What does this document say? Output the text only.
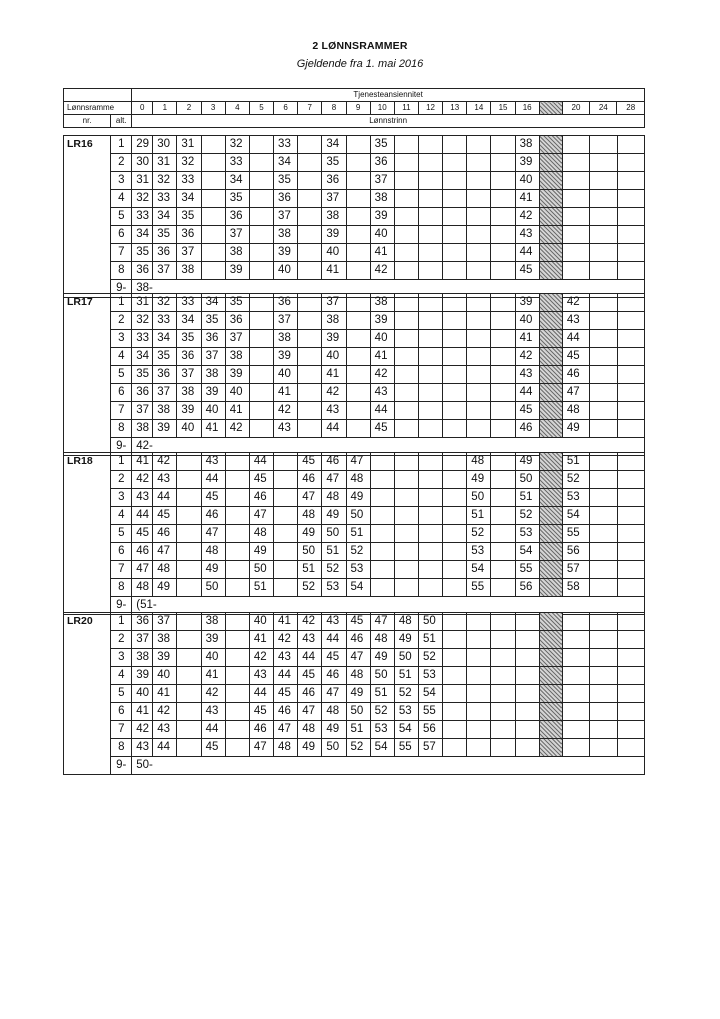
2 LØNNSRAMMER
Gjeldende fra 1. mai 2016
		Tjenesteansiennitet																				
Lønnsramme		0	1	2	3	4	5	6	7	8	9	10	11	12	13	14	15	16		20	24	28
nr.	alt.	Lønnstrinn																				
LR16	1	29	30	31		32		33		34		35						38				
	2	30	31	32		33		34		35		36						39				
	3	31	32	33		34		35		36		37						40				
	4	32	33	34		35		36		37		38						41				
	5	33	34	35		36		37		38		39						42				
	6	34	35	36		37		38		39		40						43				
	7	35	36	37		38		39		40		41						44				
	8	36	37	38		39		40		41		42						45				
	9-	38-																				
LR17	1	31	32	33	34	35		36		37		38						39		42		
	2	32	33	34	35	36		37		38		39						40		43		
	3	33	34	35	36	37		38		39		40						41		44		
	4	34	35	36	37	38		39		40		41						42		45		
	5	35	36	37	38	39		40		41		42						43		46		
	6	36	37	38	39	40		41		42		43						44		47		
	7	37	38	39	40	41		42		43		44						45		48		
	8	38	39	40	41	42		43		44		45						46		49		
	9-	42-																				
LR18	1	41	42		43		44		45	46	47					48		49		51		
	2	42	43		44		45		46	47	48					49		50		52		
	3	43	44		45		46		47	48	49					50		51		53		
	4	44	45		46		47		48	49	50					51		52		54		
	5	45	46		47		48		49	50	51					52		53		55		
	6	46	47		48		49		50	51	52					53		54		56		
	7	47	48		49		50		51	52	53					54		55		57		
	8	48	49		50		51		52	53	54					55		56		58		
	9-	(51-																				
LR20	1	36	37		38		40	41	42	43	45	47	48	50								
	2	37	38		39		41	42	43	44	46	48	49	51								
	3	38	39		40		42	43	44	45	47	49	50	52								
	4	39	40		41		43	44	45	46	48	50	51	53								
	5	40	41		42		44	45	46	47	49	51	52	54								
	6	41	42		43		45	46	47	48	50	52	53	55								
	7	42	43		44		46	47	48	49	51	53	54	56								
	8	43	44		45		47	48	49	50	52	54	55	57								
	9-	50-																				
